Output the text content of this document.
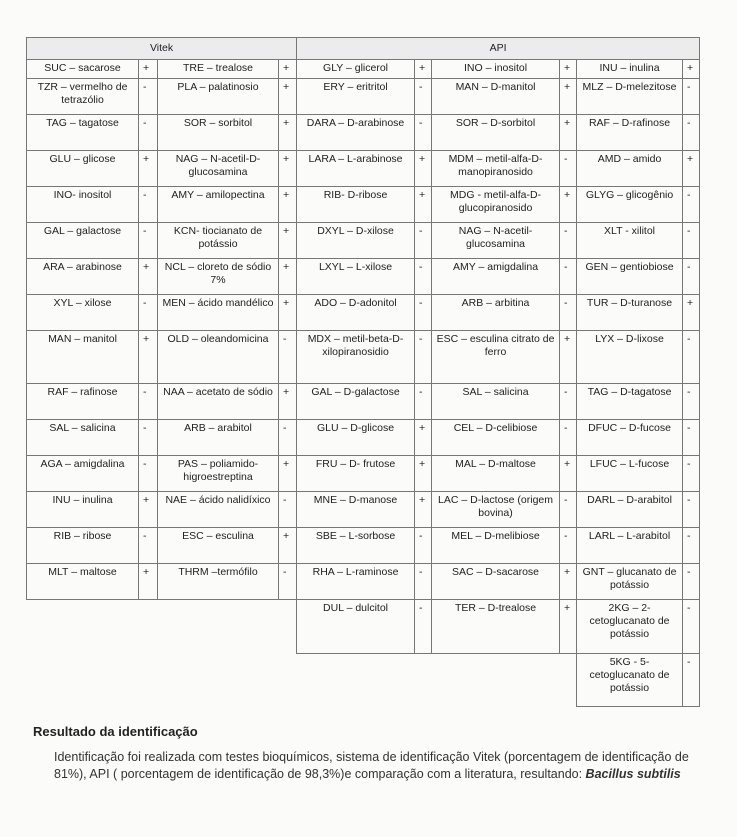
Vitek				API					
SUC – sacarose	+	TRE – trealose	+	GLY – glicerol	+	INO – inositol	+	INU – inulina	+
TZR – vermelho de tetrazólio	-	PLA – palatinosio	+	ERY – eritritol	-	MAN – D-manitol	+	MLZ – D-melezitose	-
TAG – tagatose	-	SOR – sorbitol	+	DARA – D-arabinose	-	SOR – D-sorbitol	+	RAF – D-rafinose	-
GLU – glicose	+	NAG – N-acetil-D-glucosamina	+	LARA – L-arabinose	+	MDM – metil-alfa-D-manopiranosido	-	AMD – amido	+
INO- inositol	-	AMY – amilopectina	+	RIB- D-ribose	+	MDG - metil-alfa-D-glucopiranosido	+	GLYG – glicogênio	-
GAL – galactose	-	KCN- tiocianato de potássio	+	DXYL – D-xilose	-	NAG – N-acetil-glucosamina	-	XLT - xilitol	-
ARA – arabinose	+	NCL – cloreto de sódio 7%	+	LXYL – L-xilose	-	AMY – amigdalina	-	GEN – gentiobiose	-
XYL – xilose	-	MEN – ácido mandélico	+	ADO – D-adonitol	-	ARB – arbitina	-	TUR – D-turanose	+
MAN – manitol	+	OLD – oleandomicina	-	MDX – metil-beta-D-xilopiranosidio	-	ESC – esculina citrato de ferro	+	LYX – D-lixose	-
RAF – rafinose	-	NAA – acetato de sódio	+	GAL – D-galactose	-	SAL – salicina	-	TAG – D-tagatose	-
SAL – salicina	-	ARB – arabitol	-	GLU – D-glicose	+	CEL – D-celibiose	-	DFUC – D-fucose	-
AGA – amigdalina	-	PAS – poliamido-higroestreptina	+	FRU – D- frutose	+	MAL – D-maltose	+	LFUC – L-fucose	-
INU – inulina	+	NAE – ácido nalidíxico	-	MNE – D-manose	+	LAC – D-lactose (origem bovina)	-	DARL – D-arabitol	-
RIB – ribose	-	ESC – esculina	+	SBE – L-sorbose	-	MEL – D-melibiose	-	LARL – L-arabitol	-
MLT – maltose	+	THRM –termófilo	-	RHA – L-raminose	-	SAC – D-sacarose	+	GNT – glucanato de potássio	-
				DUL – dulcitol	-	TER – D-trealose	+	2KG – 2-cetoglucanato de potássio	-
								5KG - 5-cetoglucanato de potássio	-
Resultado da identificação

Identificação foi realizada com testes bioquímicos, sistema de identificação Vitek (porcentagem de identificação de 81%), API ( porcentagem de identificação de 98,3%)e comparação com a literatura, resultando: Bacillus subtilis
